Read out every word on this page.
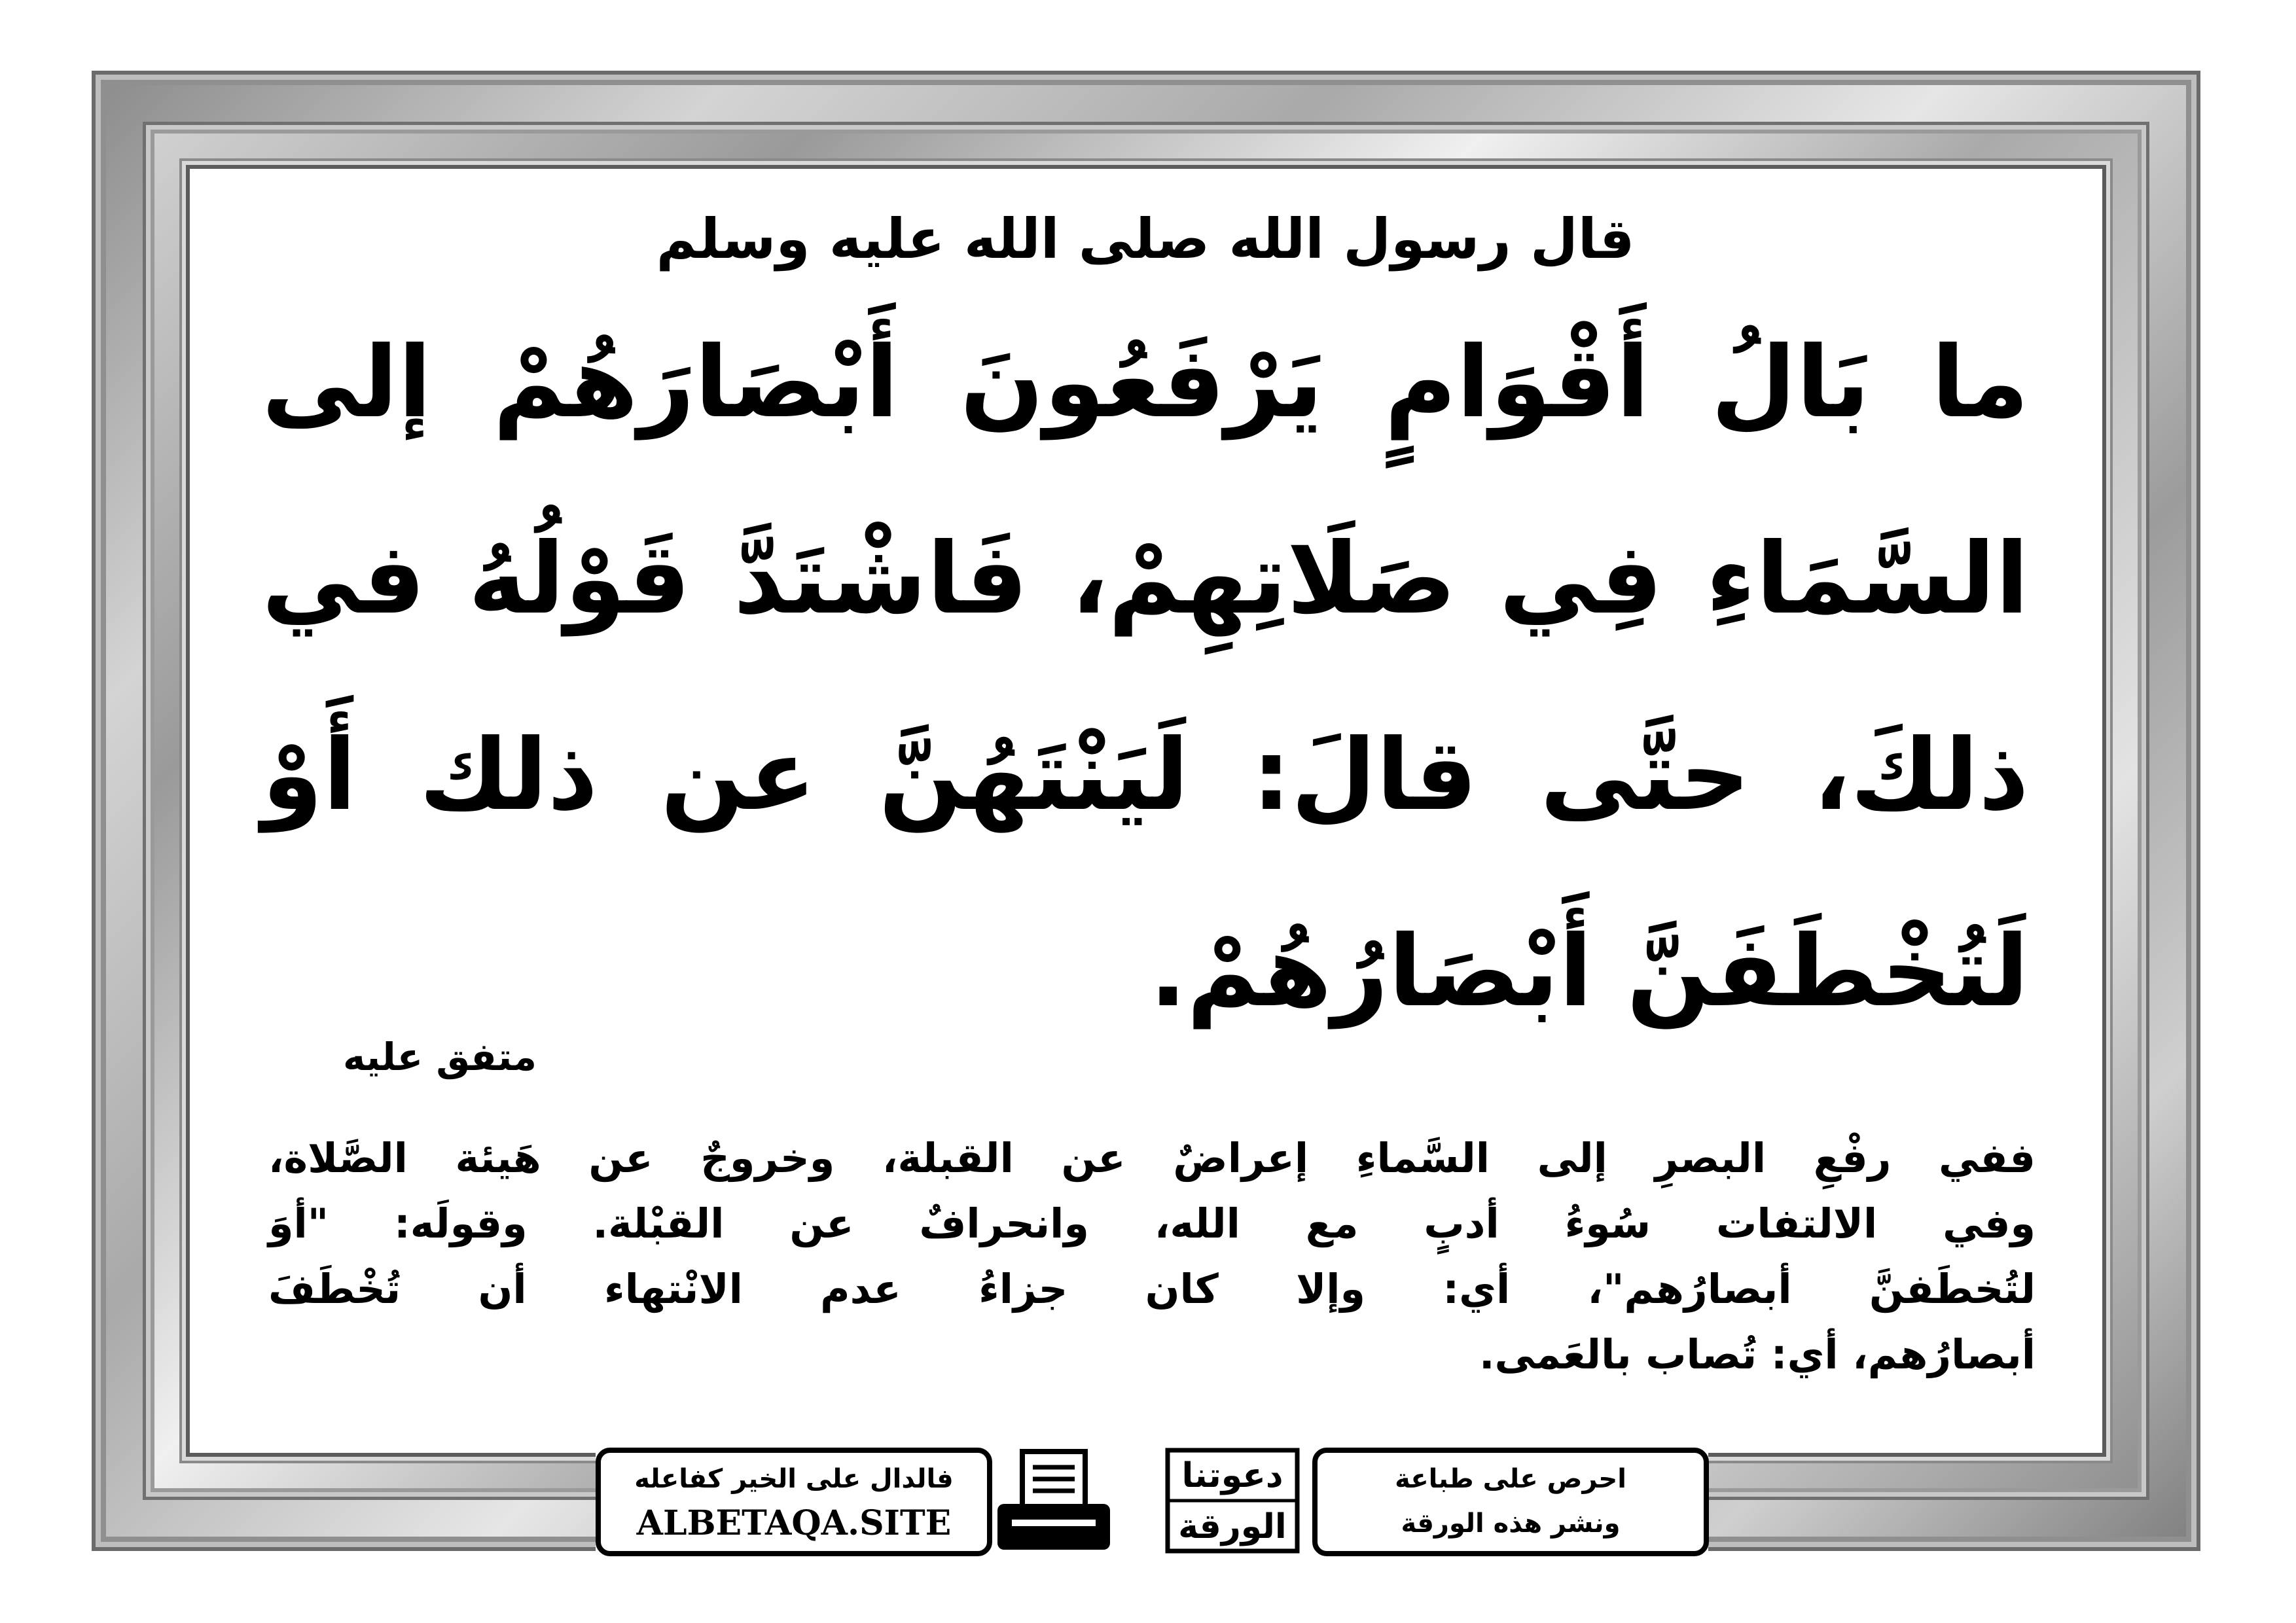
قال رسول الله صلى الله عليه وسلم
ما بَالُ أَقْوَامٍ يَرْفَعُونَ أَبْصَارَهُمْ إلى
السَّمَاءِ فِي صَلَاتِهِمْ، فَاشْتَدَّ قَوْلُهُ في
ذلكَ، حتَّى قالَ: لَيَنْتَهُنَّ عن ذلك أَوْ
لَتُخْطَفَنَّ أَبْصَارُهُمْ.
متفق عليه
ففي رفْعِ البصرِ إلى السَّماءِ إعراضٌ عن القبلة، وخروجٌ عن هَيئة الصَّلاة،
وفي الالتفات سُوءُ أدبٍ مع الله، وانحرافٌ عن القبْلة. وقولَه: "أوَ
لتُخطَفنَّ أبصارُهم"، أي: وإلا كان جزاءُ عدم الانْتهاء أن تُخْطَفَ
أبصارُهم، أي: تُصاب بالعَمى.
فالدال على الخير كفاعله
ALBETAQA.SITE
دعوتنا
الورقة
احرص على طباعة
ونشر هذه الورقة
